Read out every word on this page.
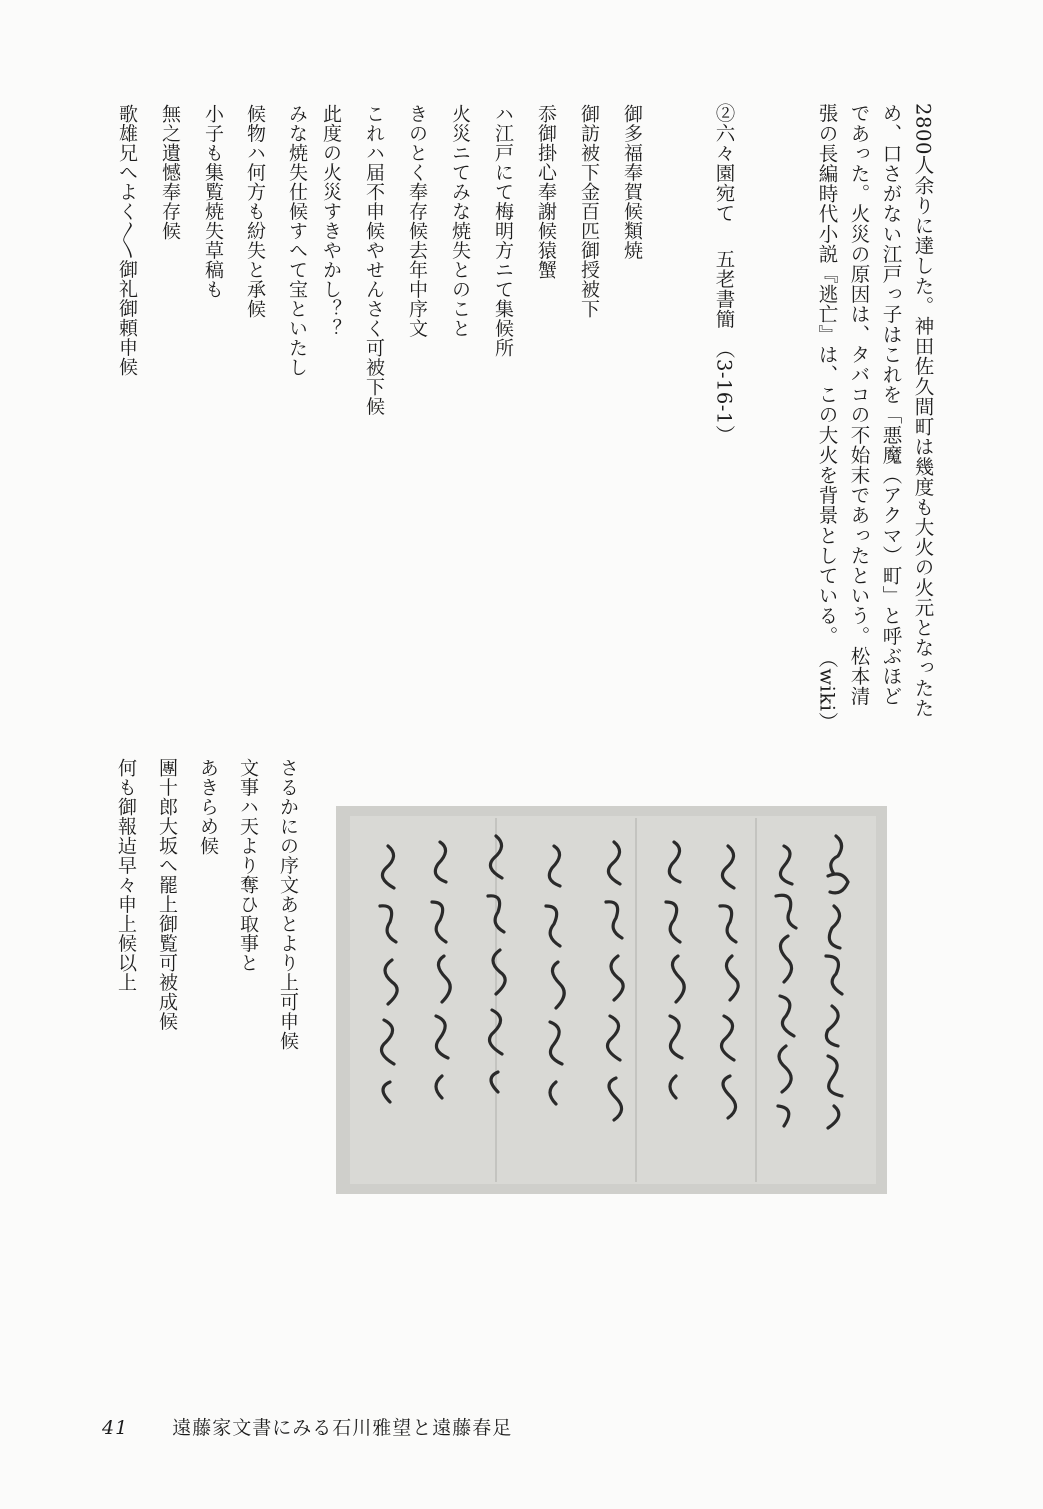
2800人余りに達した。神田佐久間町は幾度も大火の火元となったた
め、口さがない江戸っ子はこれを「悪魔（アクマ）町」と呼ぶほど
であった。火災の原因は、タバコの不始末であったという。松本清
張の長編時代小説『逃亡』は、この大火を背景としている。（wiki）
②六々園宛て五老書簡（3-16-1）
御多福奉賀候類焼
御訪被下金百匹御授被下
忝御掛心奉謝候猿蟹
ハ江戸にて梅明方ニて集候所
火災ニてみな焼失とのこと
きのとく奉存候去年中序文
これハ届不申候やせんさく可被下候
此度の火災すきやかし？？
みな焼失仕候すへて宝といたし
候物ハ何方も紛失と承候
小子も集覧焼失草稿も
無之遺憾奉存候
歌雄兄へよく〳〵御礼御頼申候
さるかにの序文あとより上可申候
文事ハ天より奪ひ取事と
あきらめ候
團十郎大坂へ罷上御覧可被成候
何も御報迠早々申上候以上
41 遠藤家文書にみる石川雅望と遠藤春足
